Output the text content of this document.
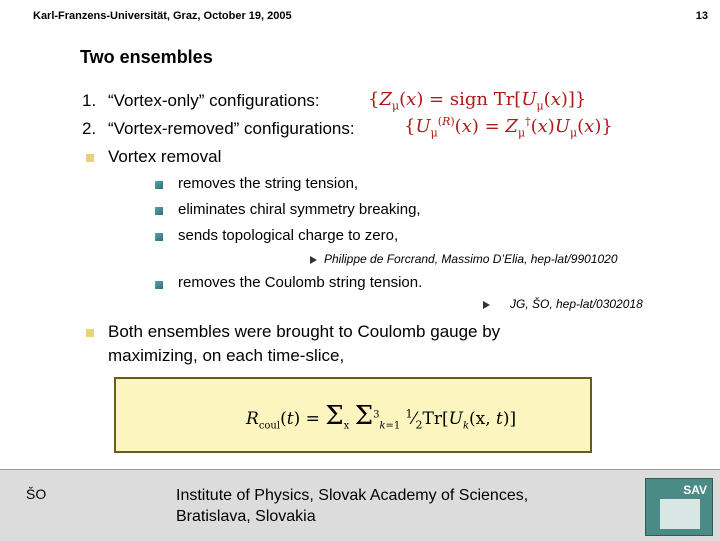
Karl-Franzens-Universität, Graz, October 19, 2005	13
Two ensembles
1. “Vortex-only” configurations:	{$Z_\mu(x)$ = sign $Tr[U_\mu(x)]$}
2. “Vortex-removed” configurations:	$\{U_\mu^{(R)}(x) = Z_\mu^\dagger(x)U_\mu(x)\}$
Vortex removal
removes the string tension,
eliminates chiral symmetry breaking,
sends topological charge to zero,
Philippe de Forcrand, Massimo D’Elia, hep-lat/9901020
removes the Coulomb string tension.
JG, ŠO, hep-lat/0302018
Both ensembles were brought to Coulomb gauge by maximizing, on each time-slice,
$R_{coul}(t) = \Sigma_x$ $\Sigma^3_{k=1}$ $^1⁄_2Tr[U_k(x$, t)]
ŠO	Institute of Physics, Slovak Academy of Sciences,
Bratislava, Slovakia
SAV
